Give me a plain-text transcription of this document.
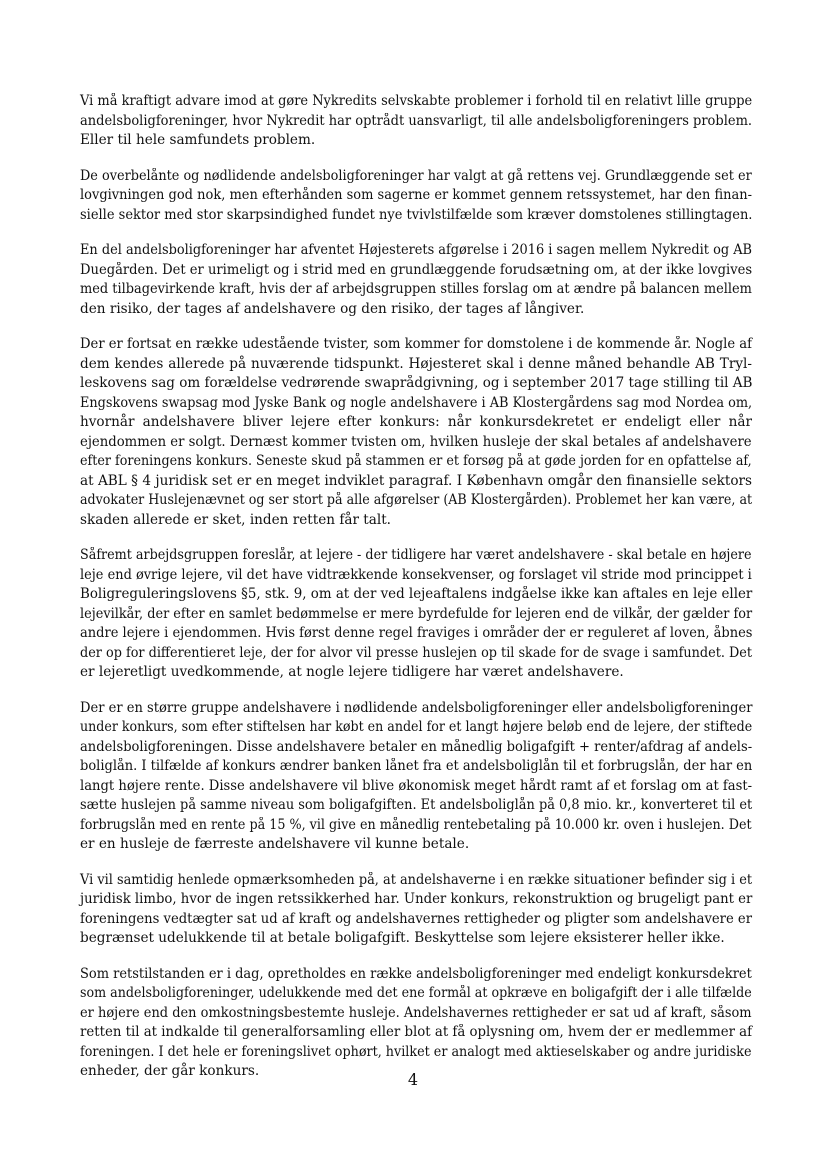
Vi må kraftigt advare imod at gøre Nykredits selvskabte problemer i forhold til en relativt lille gruppe
andelsboligforeninger, hvor Nykredit har optrådt uansvarligt, til alle andelsboligforeningers problem.
Eller til hele samfundets problem.

De overbelånte og nødlidende andelsboligforeninger har valgt at gå rettens vej. Grundlæggende set er
lovgivningen god nok, men efterhånden som sagerne er kommet gennem retssystemet, har den finan-
sielle sektor med stor skarpsindighed fundet nye tvivlstilfælde som kræver domstolenes stillingtagen.

En del andelsboligforeninger har afventet Højesterets afgørelse i 2016 i sagen mellem Nykredit og AB
Duegården. Det er urimeligt og i strid med en grundlæggende forudsætning om, at der ikke lovgives
med tilbagevirkende kraft, hvis der af arbejdsgruppen stilles forslag om at ændre på balancen mellem
den risiko, der tages af andelshavere og den risiko, der tages af långiver.

Der er fortsat en række udestående tvister, som kommer for domstolene i de kommende år. Nogle af
dem kendes allerede på nuværende tidspunkt. Højesteret skal i denne måned behandle AB Tryl-
leskovens sag om forældelse vedrørende swaprådgivning, og i september 2017 tage stilling til AB
Engskovens swapsag mod Jyske Bank og nogle andelshavere i AB Klostergårdens sag mod Nordea om,
hvornår andelshavere bliver lejere efter konkurs: når konkursdekretet er endeligt eller når
ejendommen er solgt. Dernæst kommer tvisten om, hvilken husleje der skal betales af andelshavere
efter foreningens konkurs. Seneste skud på stammen er et forsøg på at gøde jorden for en opfattelse af,
at ABL § 4 juridisk set er en meget indviklet paragraf. I København omgår den finansielle sektors
advokater Huslejenævnet og ser stort på alle afgørelser (AB Klostergården). Problemet her kan være, at
skaden allerede er sket, inden retten får talt.

Såfremt arbejdsgruppen foreslår, at lejere - der tidligere har været andelshavere - skal betale en højere
leje end øvrige lejere, vil det have vidtrækkende konsekvenser, og forslaget vil stride mod princippet i
Boligreguleringslovens §5, stk. 9, om at der ved lejeaftalens indgåelse ikke kan aftales en leje eller
lejevilkår, der efter en samlet bedømmelse er mere byrdefulde for lejeren end de vilkår, der gælder for
andre lejere i ejendommen. Hvis først denne regel fraviges i områder der er reguleret af loven, åbnes
der op for differentieret leje, der for alvor vil presse huslejen op til skade for de svage i samfundet. Det
er lejeretligt uvedkommende, at nogle lejere tidligere har været andelshavere.

Der er en større gruppe andelshavere i nødlidende andelsboligforeninger eller andelsboligforeninger
under konkurs, som efter stiftelsen har købt en andel for et langt højere beløb end de lejere, der stiftede
andelsboligforeningen. Disse andelshavere betaler en månedlig boligafgift + renter/afdrag af andels-
boliglån. I tilfælde af konkurs ændrer banken lånet fra et andelsboliglån til et forbrugslån, der har en
langt højere rente. Disse andelshavere vil blive økonomisk meget hårdt ramt af et forslag om at fast-
sætte huslejen på samme niveau som boligafgiften. Et andelsboliglån på 0,8 mio. kr., konverteret til et
forbrugslån med en rente på 15 %, vil give en månedlig rentebetaling på 10.000 kr. oven i huslejen. Det
er en husleje de færreste andelshavere vil kunne betale.

Vi vil samtidig henlede opmærksomheden på, at andelshaverne i en række situationer befinder sig i et
juridisk limbo, hvor de ingen retssikkerhed har. Under konkurs, rekonstruktion og brugeligt pant er
foreningens vedtægter sat ud af kraft og andelshavernes rettigheder og pligter som andelshavere er
begrænset udelukkende til at betale boligafgift. Beskyttelse som lejere eksisterer heller ikke.

Som retstilstanden er i dag, opretholdes en række andelsboligforeninger med endeligt konkursdekret
som andelsboligforeninger, udelukkende med det ene formål at opkræve en boligafgift der i alle tilfælde
er højere end den omkostningsbestemte husleje. Andelshavernes rettigheder er sat ud af kraft, såsom
retten til at indkalde til generalforsamling eller blot at få oplysning om, hvem der er medlemmer af
foreningen. I det hele er foreningslivet ophørt, hvilket er analogt med aktieselskaber og andre juridiske
enheder, der går konkurs.	4
